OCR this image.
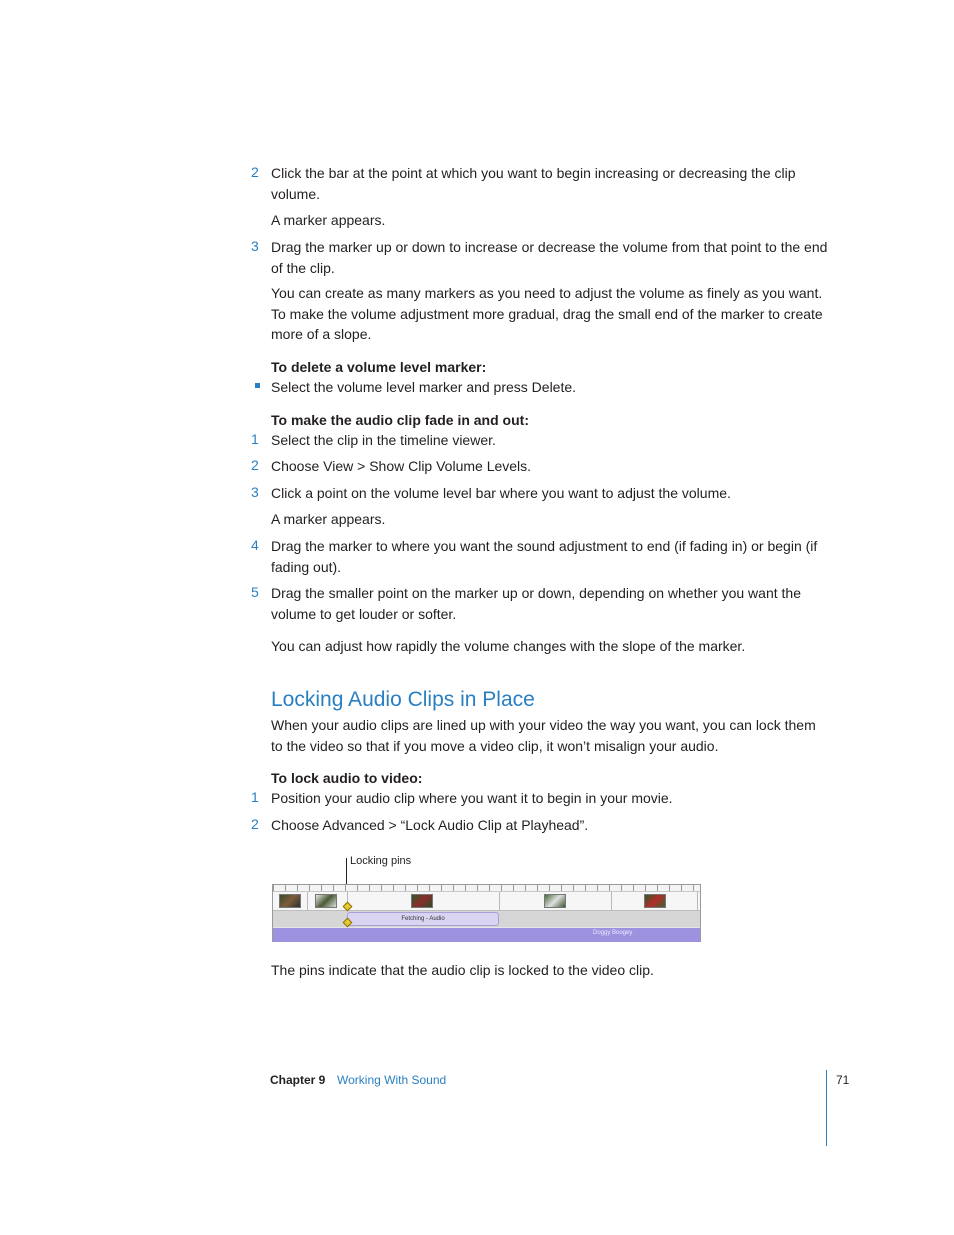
2 Click the bar at the point at which you want to begin increasing or decreasing the clip volume.
A marker appears.
3 Drag the marker up or down to increase or decrease the volume from that point to the end of the clip.
You can create as many markers as you need to adjust the volume as finely as you want. To make the volume adjustment more gradual, drag the small end of the marker to create more of a slope.
To delete a volume level marker:
Select the volume level marker and press Delete.
To make the audio clip fade in and out:
1 Select the clip in the timeline viewer.
2 Choose View > Show Clip Volume Levels.
3 Click a point on the volume level bar where you want to adjust the volume.
A marker appears.
4 Drag the marker to where you want the sound adjustment to end (if fading in) or begin (if fading out).
5 Drag the smaller point on the marker up or down, depending on whether you want the volume to get louder or softer.
You can adjust how rapidly the volume changes with the slope of the marker.
Locking Audio Clips in Place
When your audio clips are lined up with your video the way you want, you can lock them to the video so that if you move a video clip, it won’t misalign your audio.
To lock audio to video:
1 Position your audio clip where you want it to begin in your movie.
2 Choose Advanced > “Lock Audio Clip at Playhead”.
Locking pins
Fetching - Audio
Doggy Boogey
The pins indicate that the audio clip is locked to the video clip.
Chapter 9 Working With Sound	71
